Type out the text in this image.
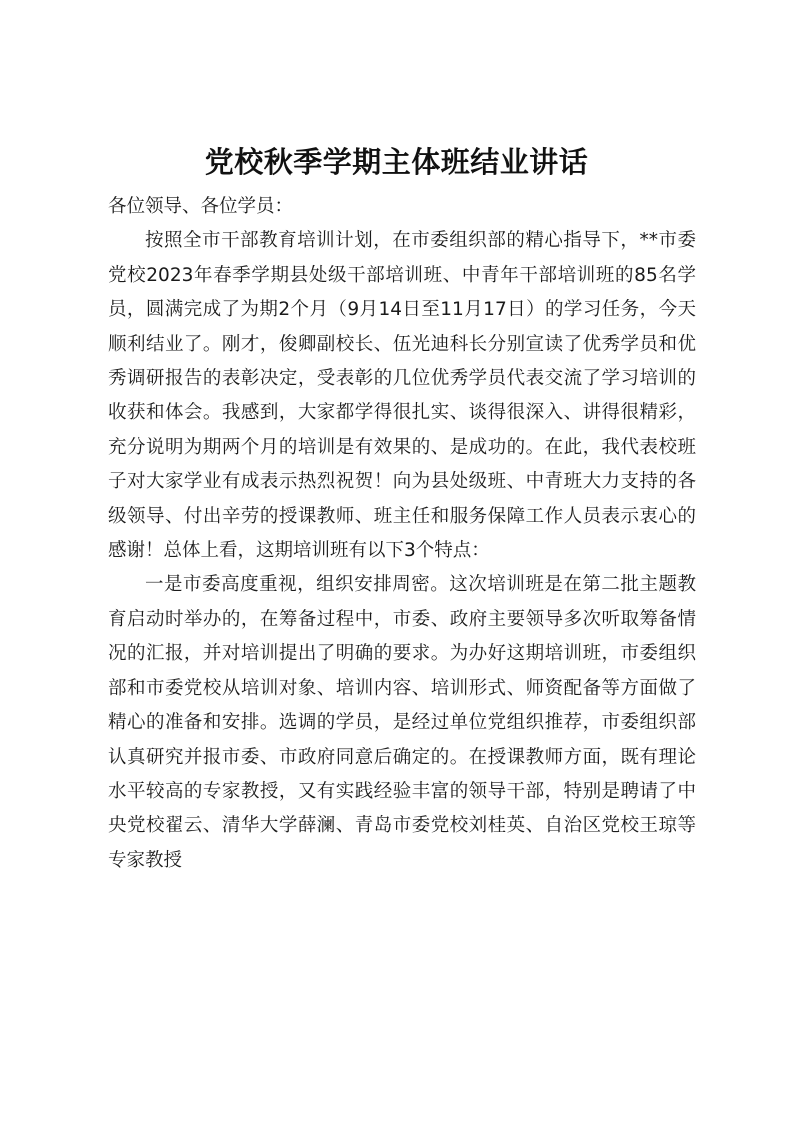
党校秋季学期主体班结业讲话

各位领导、各位学员：

按照全市干部教育培训计划，在市委组织部的精心指导下，**市委党校2023年春季学期县处级干部培训班、中青年干部培训班的85名学员，圆满完成了为期2个月（9月14日至11月17日）的学习任务，今天顺利结业了。刚才，俊卿副校长、伍光迪科长分别宣读了优秀学员和优秀调研报告的表彰决定，受表彰的几位优秀学员代表交流了学习培训的收获和体会。我感到，大家都学得很扎实、谈得很深入、讲得很精彩，充分说明为期两个月的培训是有效果的、是成功的。在此，我代表校班子对大家学业有成表示热烈祝贺！向为县处级班、中青班大力支持的各级领导、付出辛劳的授课教师、班主任和服务保障工作人员表示衷心的感谢！总体上看，这期培训班有以下3个特点：

一是市委高度重视，组织安排周密。这次培训班是在第二批主题教育启动时举办的，在筹备过程中，市委、政府主要领导多次听取筹备情况的汇报，并对培训提出了明确的要求。为办好这期培训班，市委组织部和市委党校从培训对象、培训内容、培训形式、师资配备等方面做了精心的准备和安排。选调的学员，是经过单位党组织推荐，市委组织部认真研究并报市委、市政府同意后确定的。在授课教师方面，既有理论水平较高的专家教授，又有实践经验丰富的领导干部，特别是聘请了中央党校翟云、清华大学薛澜、青岛市委党校刘桂英、自治区党校王琼等专家教授
